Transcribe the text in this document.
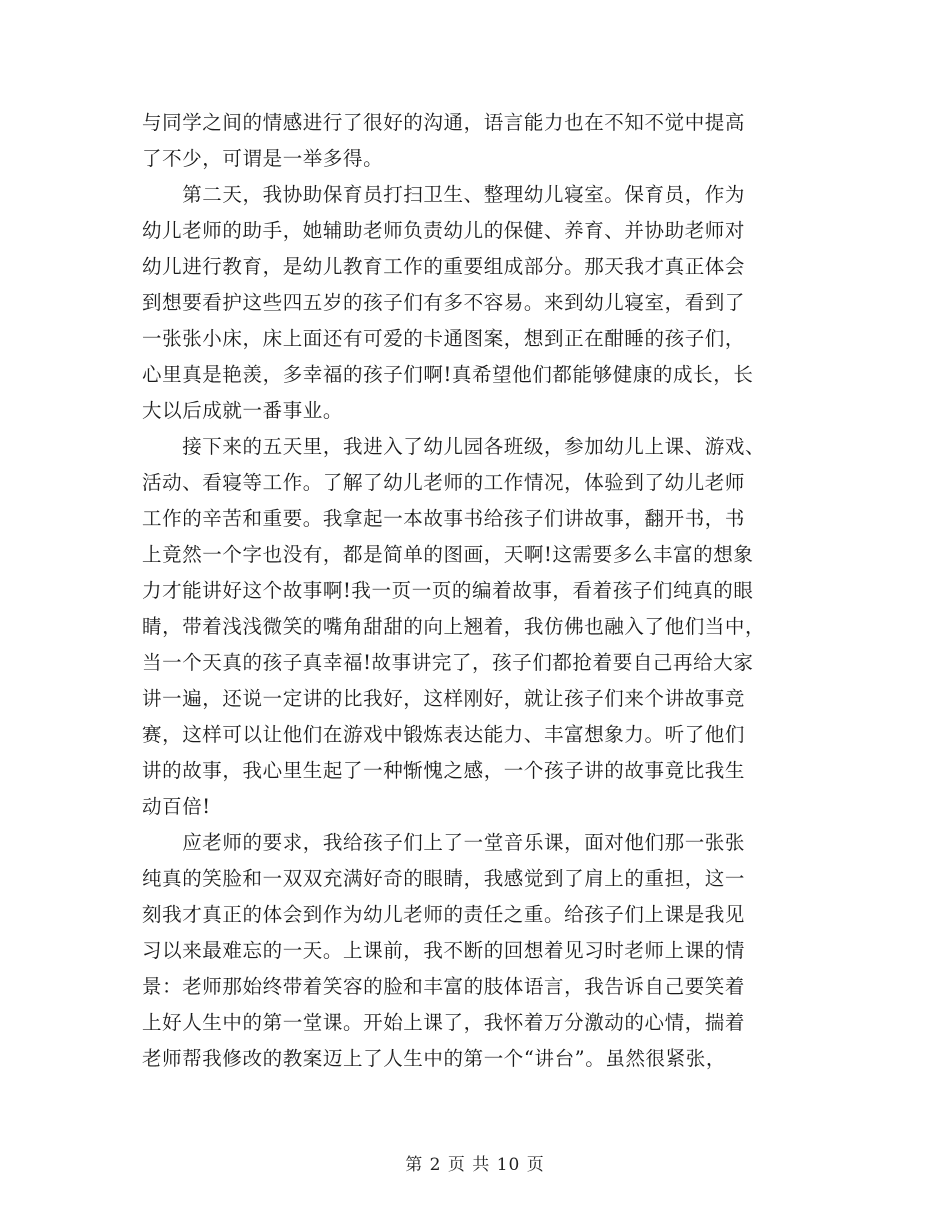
与同学之间的情感进行了很好的沟通，语言能力也在不知不觉中提高
了不少，可谓是一举多得。
　　第二天，我协助保育员打扫卫生、整理幼儿寝室。保育员，作为
幼儿老师的助手，她辅助老师负责幼儿的保健、养育、并协助老师对
幼儿进行教育，是幼儿教育工作的重要组成部分。那天我才真正体会
到想要看护这些四五岁的孩子们有多不容易。来到幼儿寝室，看到了
一张张小床，床上面还有可爱的卡通图案，想到正在酣睡的孩子们，
心里真是艳羡，多幸福的孩子们啊!真希望他们都能够健康的成长，长
大以后成就一番事业。
　　接下来的五天里，我进入了幼儿园各班级，参加幼儿上课、游戏、
活动、看寝等工作。了解了幼儿老师的工作情况，体验到了幼儿老师
工作的辛苦和重要。我拿起一本故事书给孩子们讲故事，翻开书，书
上竟然一个字也没有，都是简单的图画，天啊!这需要多么丰富的想象
力才能讲好这个故事啊!我一页一页的编着故事，看着孩子们纯真的眼
睛，带着浅浅微笑的嘴角甜甜的向上翘着，我仿佛也融入了他们当中，
当一个天真的孩子真幸福!故事讲完了，孩子们都抢着要自己再给大家
讲一遍，还说一定讲的比我好，这样刚好，就让孩子们来个讲故事竞
赛，这样可以让他们在游戏中锻炼表达能力、丰富想象力。听了他们
讲的故事，我心里生起了一种惭愧之感，一个孩子讲的故事竟比我生
动百倍!
　　应老师的要求，我给孩子们上了一堂音乐课，面对他们那一张张
纯真的笑脸和一双双充满好奇的眼睛，我感觉到了肩上的重担，这一
刻我才真正的体会到作为幼儿老师的责任之重。给孩子们上课是我见
习以来最难忘的一天。上课前，我不断的回想着见习时老师上课的情
景：老师那始终带着笑容的脸和丰富的肢体语言，我告诉自己要笑着
上好人生中的第一堂课。开始上课了，我怀着万分激动的心情，揣着
老师帮我修改的教案迈上了人生中的第一个“讲台”。虽然很紧张，
第 2 页 共 10 页
